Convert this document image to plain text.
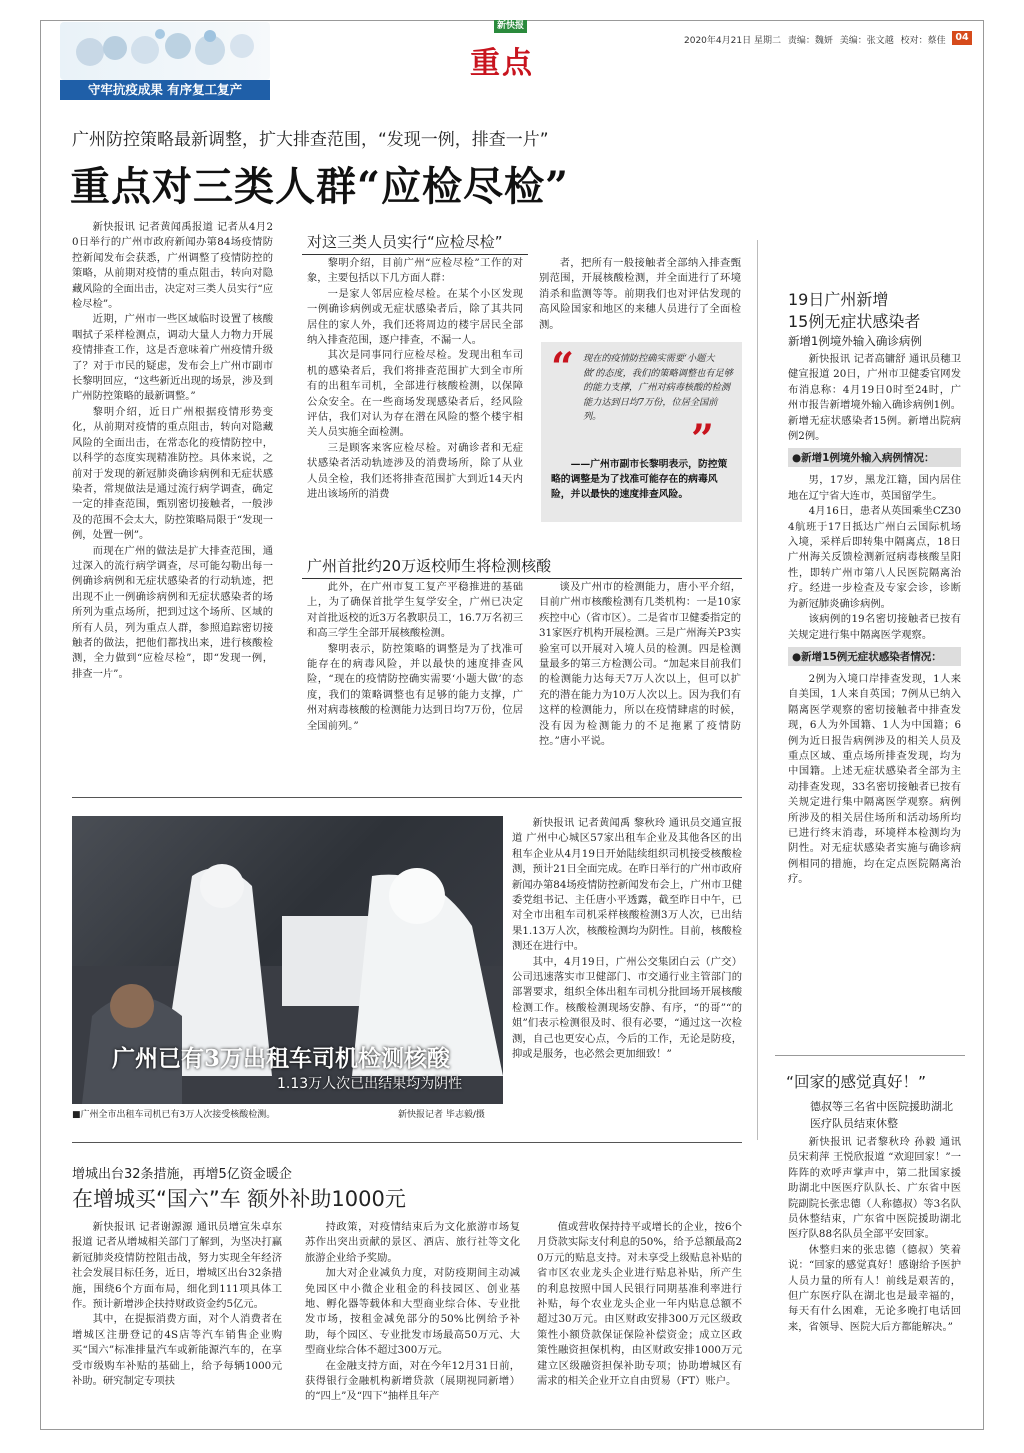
守牢抗疫成果 有序复工复产
新快报
重点
2020年4月21日 星期二 责编：魏妍 美编：张文越 校对：蔡佳	04
广州防控策略最新调整，扩大排查范围，“发现一例，排查一片”
重点对三类人群“应检尽检”

新快报讯 记者黄闻禹报道 记者从4月20日举行的广州市政府新闻办第84场疫情防控新闻发布会获悉，广州调整了疫情防控的策略，从前期对疫情的重点阻击，转向对隐藏风险的全面出击，决定对三类人员实行“应检尽检”。

近期，广州市一些区域临时设置了核酸咽拭子采样检测点，调动大量人力物力开展疫情排查工作，这是否意味着广州疫情升级了？对于市民的疑虑，发布会上广州市副市长黎明回应，“这些新近出现的场景，涉及到广州防控策略的最新调整。”

黎明介绍，近日广州根据疫情形势变化，从前期对疫情的重点阻击，转向对隐藏风险的全面出击，在常态化的疫情防控中，以科学的态度实现精准防控。具体来说，之前对于发现的新冠肺炎确诊病例和无症状感染者，常规做法是通过流行病学调查，确定一定的排查范围，甄别密切接触者，一般涉及的范围不会太大，防控策略局限于“发现一例，处置一例”。

而现在广州的做法是扩大排查范围，通过深入的流行病学调查，尽可能勾勒出每一例确诊病例和无症状感染者的行动轨迹，把出现不止一例确诊病例和无症状感染者的场所列为重点场所，把到过这个场所、区域的所有人员，列为重点人群，参照追踪密切接触者的做法，把他们都找出来，进行核酸检测，全力做到“应检尽检”，即“发现一例，排查一片”。

对这三类人员实行“应检尽检”

黎明介绍，目前广州“应检尽检”工作的对象，主要包括以下几方面人群：

一是家人邻居应检尽检。在某个小区发现一例确诊病例或无症状感染者后，除了其共同居住的家人外，我们还将周边的楼宇居民全部纳入排查范围，逐户排查，不漏一人。

其次是同事同行应检尽检。发现出租车司机的感染者后，我们将排查范围扩大到全市所有的出租车司机，全部进行核酸检测，以保障公众安全。在一些商场发现感染者后，经风险评估，我们对认为存在潜在风险的整个楼宇相关人员实施全面检测。

三是顾客来客应检尽检。对确诊者和无症状感染者活动轨迹涉及的消费场所，除了从业人员全检，我们还将排查范围扩大到近14天内进出该场所的消费

者，把所有一般接触者全部纳入排查甄别范围，开展核酸检测，并全面进行了环境消杀和监测等等。前期我们也对评估发现的高风险国家和地区的来穗人员进行了全面检测。

“ 现在的疫情防控确实需要‘小题大做’的态度，我们的策略调整也有足够的能力支撑，广州对病毒核酸的检测能力达到日均7万份，位居全国前列。	”
——广州市副市长黎明表示，防控策略的调整是为了找准可能存在的病毒风险，并以最快的速度排查风险。
广州首批约20万返校师生将检测核酸

此外，在广州市复工复产平稳推进的基础上，为了确保首批学生复学安全，广州已决定对首批返校的近3万名教职员工，16.7万名初三和高三学生全部开展核酸检测。

黎明表示，防控策略的调整是为了找准可能存在的病毒风险，并以最快的速度排查风险，“现在的疫情防控确实需要‘小题大做’的态度，我们的策略调整也有足够的能力支撑，广州对病毒核酸的检测能力达到日均7万份，位居全国前列。”

谈及广州市的检测能力，唐小平介绍，目前广州市核酸检测有几类机构：一是10家疾控中心（省市区）。二是省市卫健委指定的31家医疗机构开展检测。三是广州海关P3实验室可以开展对入境人员的检测。四是检测量最多的第三方检测公司。“加起来目前我们的检测能力达每天7万人次以上，但可以扩充的潜在能力为10万人次以上。因为我们有这样的检测能力，所以在疫情肆虐的时候，没有因为检测能力的不足拖累了疫情防控。”唐小平说。

19日广州新增
15例无症状感染者
新增1例境外输入确诊病例

新快报讯 记者高镛舒 通讯员穗卫健宣报道 20日，广州市卫健委官网发布消息称：4月19日0时至24时，广州市报告新增境外输入确诊病例1例。新增无症状感染者15例。新增出院病例2例。

●新增1例境外输入病例情况：

男，17岁，黑龙江籍，国内居住地在辽宁省大连市，英国留学生。

4月16日，患者从英国乘坐CZ304航班于17日抵达广州白云国际机场入境，采样后即转集中隔离点，18日广州海关反馈检测新冠病毒核酸呈阳性，即转广州市第八人民医院隔离治疗。经进一步检查及专家会诊，诊断为新冠肺炎确诊病例。

该病例的19名密切接触者已按有关规定进行集中隔离医学观察。

●新增15例无症状感染者情况：

2例为入境口岸排查发现，1人来自美国，1人来自英国；7例从已纳入隔离医学观察的密切接触者中排查发现，6人为外国籍、1人为中国籍；6例为近日报告病例涉及的相关人员及重点区域、重点场所排查发现，均为中国籍。上述无症状感染者全部为主动排查发现，33名密切接触者已按有关规定进行集中隔离医学观察。病例所涉及的相关居住场所和活动场所均已进行终末消毒，环境样本检测均为阴性。对无症状感染者实施与确诊病例相同的措施，均在定点医院隔离治疗。

“回家的感觉真好！”
德叔等三名省中医院援助湖北医疗队员结束休整

新快报讯 记者黎秋玲 孙毅 通讯员宋莉萍 王悦欣报道 “欢迎回家！”一阵阵的欢呼声掌声中，第二批国家援助湖北中医医疗队队长、广东省中医院副院长张忠德（人称德叔）等3名队员休整结束，广东省中医院援助湖北医疗队88名队员全部平安回家。

休整归来的张忠德（德叔）笑着说：“回家的感觉真好！感谢给予医护人员力量的所有人！前线是艰苦的，但广东医疗队在湖北也是最幸福的，每天有什么困难，无论多晚打电话回来，省领导、医院大后方都能解决。”

广州已有3万出租车司机检测核酸
1.13万人次已出结果均为阴性
■广州全市出租车司机已有3万人次接受核酸检测。	新快报记者 毕志毅/摄

新快报讯 记者黄闻禹 黎秋玲 通讯员交通宣报道 广州中心城区57家出租车企业及其他各区的出租车企业从4月19日开始陆续组织司机接受核酸检测，预计21日全面完成。在昨日举行的广州市政府新闻办第84场疫情防控新闻发布会上，广州市卫健委党组书记、主任唐小平透露，截至昨日中午，已对全市出租车司机采样核酸检测3万人次，已出结果1.13万人次，核酸检测均为阴性。目前，核酸检测还在进行中。

其中，4月19日，广州公交集团白云（广交）公司迅速落实市卫健部门、市交通行业主管部门的部署要求，组织全体出租车司机分批回场开展核酸检测工作。核酸检测现场安静、有序，“的哥”“的姐”们表示检测很及时、很有必要，“通过这一次检测，自己也更安心点，今后的工作，无论是防疫，抑或是服务，也必然会更加细致！”

增城出台32条措施，再增5亿资金暖企
在增城买“国六”车 额外补助1000元

新快报讯 记者谢源源 通讯员增宣朱卓东报道 记者从增城相关部门了解到，为坚决打赢新冠肺炎疫情防控阻击战，努力实现全年经济社会发展目标任务，近日，增城区出台32条措施，围绕6个方面布局，细化到111项具体工作。预计新增涉企扶持财政资金约5亿元。

其中，在提振消费方面，对个人消费者在增城区注册登记的4S店等汽车销售企业购买“国六”标准排量汽车或新能源汽车的，在享受市级购车补贴的基础上，给予每辆1000元补助。研究制定专项扶

持政策，对疫情结束后为文化旅游市场复苏作出突出贡献的景区、酒店、旅行社等文化旅游企业给予奖励。

加大对企业减负力度，对防疫期间主动减免园区中小微企业租金的科技园区、创业基地、孵化器等载体和大型商业综合体、专业批发市场，按租金减免部分的50%比例给予补助，每个园区、专业批发市场最高50万元、大型商业综合体不超过300万元。

在金融支持方面，对在今年12月31日前，获得银行金融机构新增贷款（展期视同新增）的“四上”及“四下”抽样且年产

值或营收保持持平或增长的企业，按6个月贷款实际支付利息的50%，给予总额最高20万元的贴息支持。对未享受上级贴息补贴的省市区农业龙头企业进行贴息补贴，所产生的利息按照中国人民银行同期基准利率进行补贴，每个农业龙头企业一年内贴息总额不超过30万元。由区财政安排300万元区级政策性小额贷款保证保险补偿资金；成立区政策性融资担保机构，由区财政安排1000万元建立区级融资担保补助专项；协助增城区有需求的相关企业开立自由贸易（FT）账户。
